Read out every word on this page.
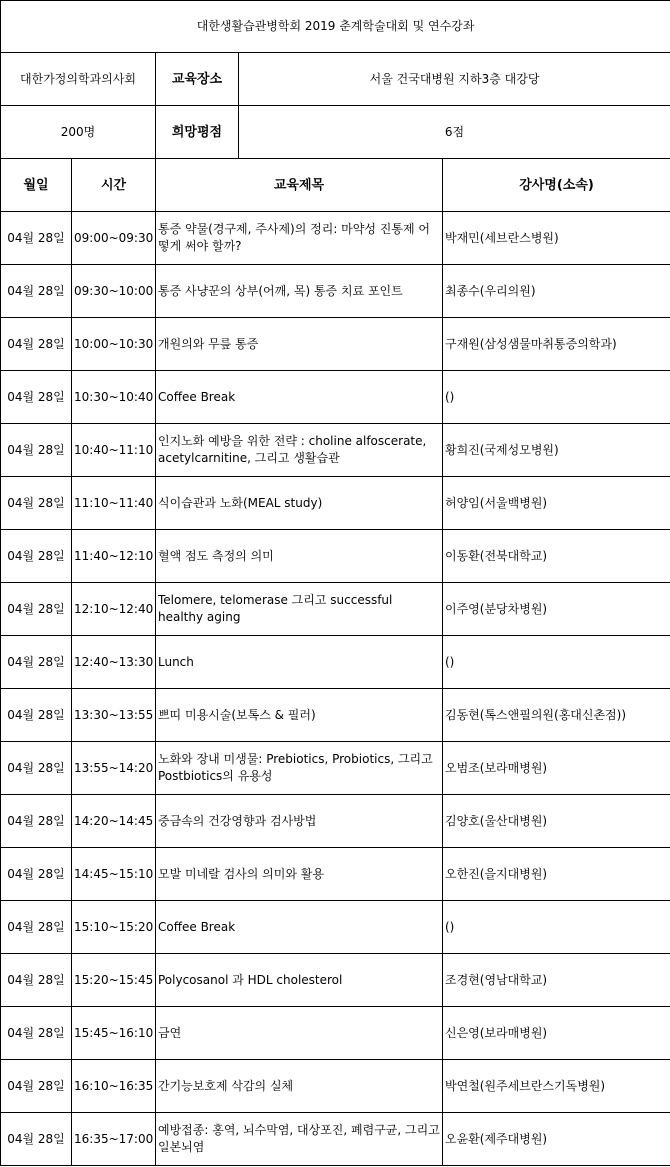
대한생활습관병학회 2019 춘계학술대회 및 연수강좌				
대한가정의학과의사회		교육장소	서울 건국대병원 지하3층 대강당	
200명		희망평점	6점	
월일	시간	교육제목		강사명(소속)
04월 28일	09:00~09:30	통증 약물(경구제, 주사제)의 정리: 마약성 진통제 어떻게 써야 할까?		박재민(세브란스병원)
04월 28일	09:30~10:00	통증 사냥꾼의 상부(어깨, 목) 통증 치료 포인트		최종수(우리의원)
04월 28일	10:00~10:30	개원의와 무릎 통증		구재원(삼성샘물마취통증의학과)
04월 28일	10:30~10:40	Coffee Break		()
04월 28일	10:40~11:10	인지노화 예방을 위한 전략 : choline alfoscerate, acetylcarnitine, 그리고 생활습관		황희진(국제성모병원)
04월 28일	11:10~11:40	식이습관과 노화(MEAL study)		허양임(서울백병원)
04월 28일	11:40~12:10	혈액 점도 측정의 의미		이동환(전북대학교)
04월 28일	12:10~12:40	Telomere, telomerase 그리고 successful healthy aging		이주영(분당차병원)
04월 28일	12:40~13:30	Lunch		()
04월 28일	13:30~13:55	쁘띠 미용시술(보톡스 & 필러)		김동현(톡스앤필의원(홍대신촌점))
04월 28일	13:55~14:20	노화와 장내 미생물: Prebiotics, Probiotics, 그리고 Postbiotics의 유용성		오범조(보라매병원)
04월 28일	14:20~14:45	중금속의 건강영향과 검사방법		김양호(울산대병원)
04월 28일	14:45~15:10	모발 미네랄 검사의 의미와 활용		오한진(을지대병원)
04월 28일	15:10~15:20	Coffee Break		()
04월 28일	15:20~15:45	Polycosanol 과 HDL cholesterol		조경현(영남대학교)
04월 28일	15:45~16:10	금연		신은영(보라매병원)
04월 28일	16:10~16:35	간기능보호제 삭감의 실체		박연철(원주세브란스기독병원)
04월 28일	16:35~17:00	예방접종: 홍역, 뇌수막염, 대상포진, 폐렴구균, 그리고 일본뇌염		오윤환(제주대병원)
